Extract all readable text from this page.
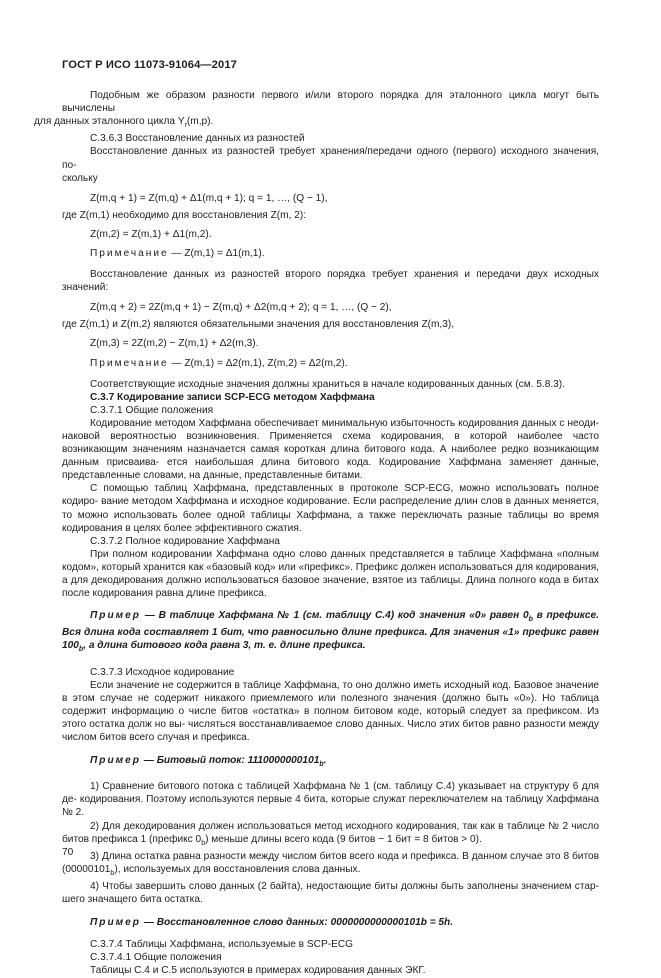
ГОСТ Р ИСО 11073-91064—2017

Подобным же образом разности первого и/или второго порядка для эталонного цикла могут быть вычислены
для данных эталонного цикла $Y_r(m,p)$.

C.3.6.3 Восстановление данных из разностей

Восстановление данных из разностей требует хранения/передачи одного (первого) исходного значения, по-

скольку

Z(m,q + 1) = Z(m,q) + Δ1(m,q + 1); q = 1, …, (Q − 1),

где Z(m,1) необходимо для восстановления Z(m, 2):

Z(m,2) = Z(m,1) + Δ1(m,2).

Примечание — Z(m,1) = Δ1(m,1).

Восстановление данных из разностей второго порядка требует хранения и передачи двух исходных значений:

Z(m,q + 2) = 2Z(m,q + 1) − Z(m,q) + Δ2(m,q + 2); q = 1, …, (Q − 2),

где Z(m,1) и Z(m,2) являются обязательными значения для восстановления Z(m,3),

Z(m,3) = 2Z(m,2) − Z(m,1) + Δ2(m,3).

Примечание — Z(m,1) = Δ2(m,1), Z(m,2) = Δ2(m,2).

Соответствующие исходные значения должны храниться в начале кодированных данных (см. 5.8.3).

C.3.7 Кодирование записи SCP-ECG методом Хаффмана

C.3.7.1 Общие положения

Кодирование методом Хаффмана обеспечивает минимальную избыточность кодирования данных с неоди- наковой вероятностью возникновения. Применяется схема кодирования, в которой наиболее часто возникающим значениям назначается самая короткая длина битового кода. А наиболее редко возникающим данным присваива- ется наибольшая длина битового кода. Кодирование Хаффмана заменяет данные, представленные словами, на данные, представленные битами.

С помощью таблиц Хаффмана, представленных в протоколе SCP-ECG, можно использовать полное кодиро- вание методом Хаффмана и исходное кодирование. Если распределение длин слов в данных меняется, то можно использовать более одной таблицы Хаффмана, а также переключать разные таблицы во время кодирования в целях более эффективного сжатия.

C.3.7.2 Полное кодирование Хаффмана

При полном кодировании Хаффмана одно слово данных представляется в таблице Хаффмана «полным кодом», который хранится как «базовый код» или «префикс». Префикс должен использоваться для кодирования, а для декодирования должно использоваться базовое значение, взятое из таблицы. Длина полного кода в битах после кодирования равна длине префикса.

Пример — В таблице Хаффмана № 1 (см. таблицу C.4) код значения «0» равен $0_b$ в префиксе. Вся длина кода составляет 1 бит, что равносильно длине префикса. Для значения «1» префикс равен $100_b$, а длина битового кода равна 3, т. е. длине префикса.

C.3.7.3 Исходное кодирование

Если значение не содержится в таблице Хаффмана, то оно должно иметь исходный код. Базовое значение в этом случае не содержит никакого приемлемого или полезного значения (должно быть «0»). Но таблица содержит информацию о числе битов «остатка» в полном битовом коде, который следует за префиксом. Из этого остатка долж но вы- числяться восстанавливаемое слово данных. Число этих битов равно разности между числом битов всего случая и префикса.

Пример — Битовый поток: $1110000000101_b$.

1) Сравнение битового потока с таблицей Хаффмана № 1 (см. таблицу C.4) указывает на структуру 6 для де- кодирования. Поэтому используются первые 4 бита, которые служат переключателем на таблицу Хаффмана № 2.

2) Для декодирования должен использоваться метод исходного кодирования, так как в таблице № 2 число битов префикса 1 (префикс $0_b$) меньше длины всего кода (9 битов − 1 бит = 8 битов > 0).

3) Длина остатка равна разности между числом битов всего кода и префикса. В данном случае это 8 битов $(00000101_b)$, используемых для восстановления слова данных.

4) Чтобы завершить слово данных (2 байта), недостающие биты должны быть заполнены значением стар- шего значащего бита остатка.

Пример — Восстановленное слово данных: 0000000000000101b = 5h.

C.3.7.4 Таблицы Хаффмана, используемые в SCP-ECG

C.3.7.4.1 Общие положения

Таблицы C.4 и C.5 используются в примерах кодирования данных ЭКГ.

70
